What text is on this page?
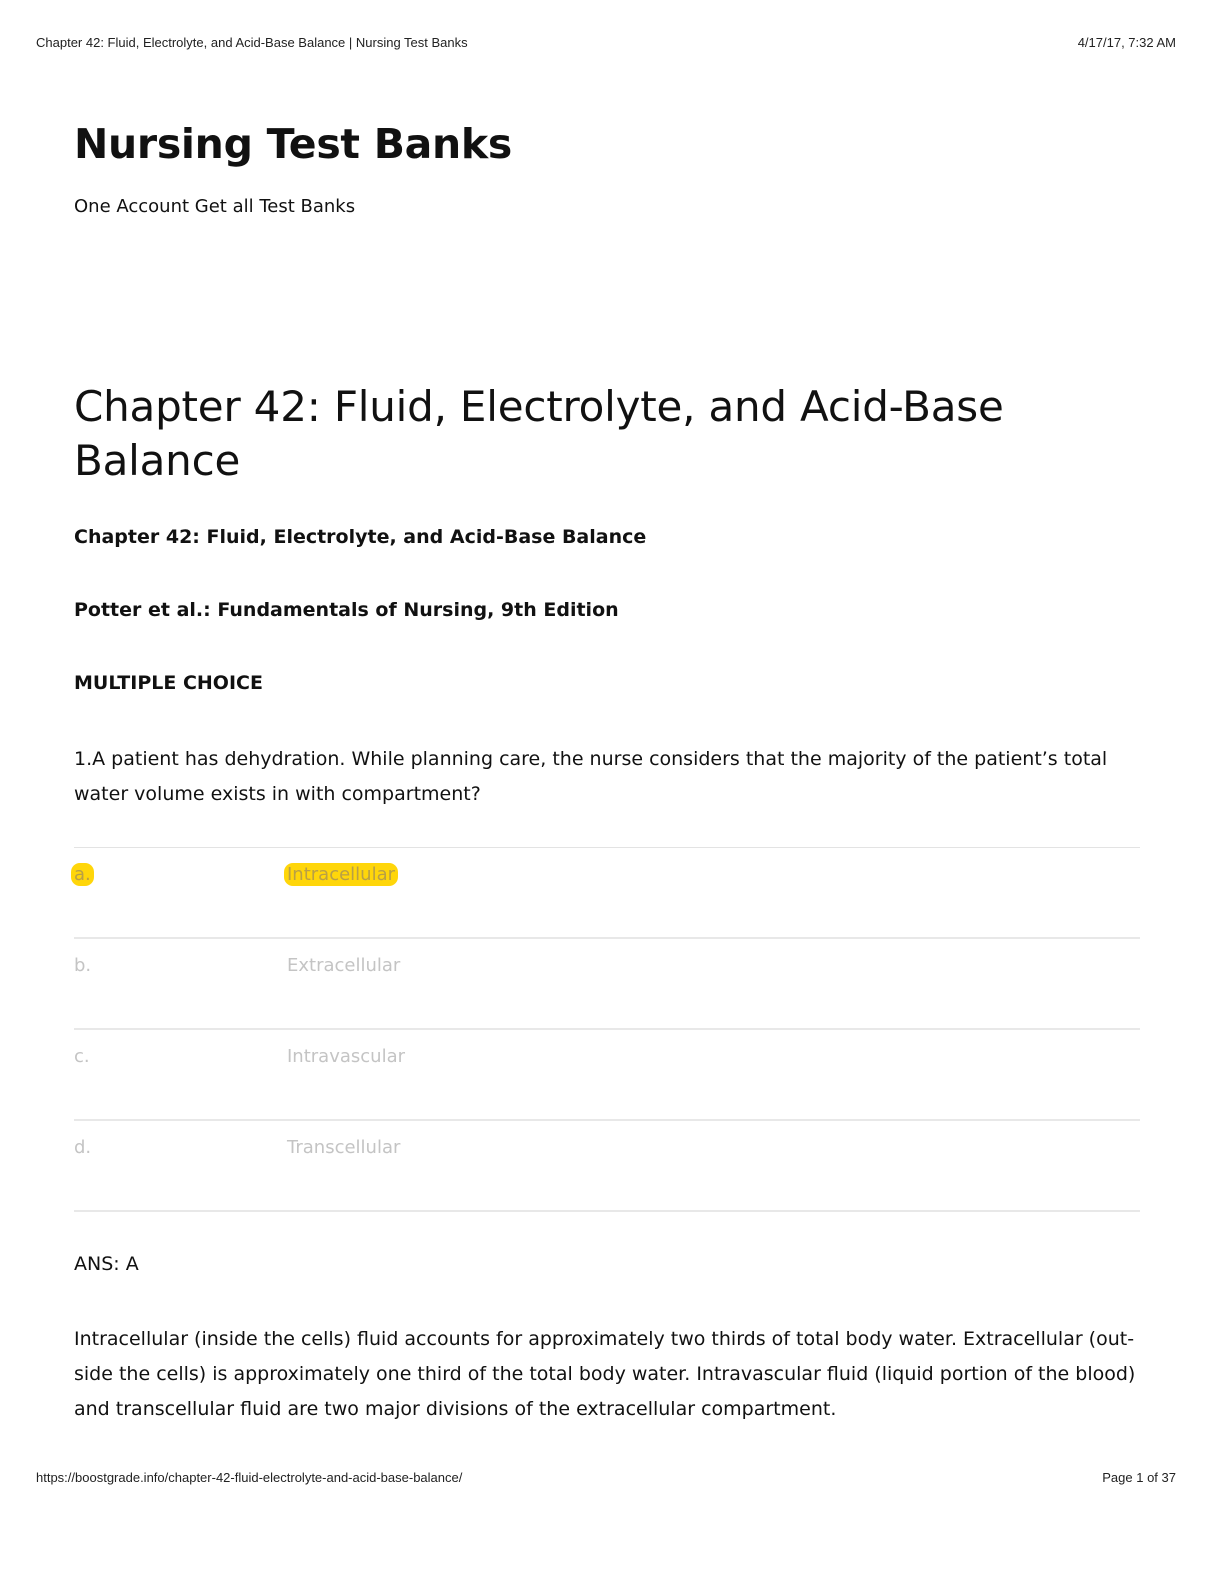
Chapter 42: Fluid, Electrolyte, and Acid-Base Balance | Nursing Test Banks	4/17/17, 7:32 AM
Nursing Test Banks

One Account Get all Test Banks

Chapter 42: Fluid, Electrolyte, and Acid-Base Balance

Chapter 42: Fluid, Electrolyte, and Acid-Base Balance

Potter et al.: Fundamentals of Nursing, 9th Edition

MULTIPLE CHOICE

1.A patient has dehydration. While planning care, the nurse considers that the majority of the patient’s total water volume exists in with compartment?

a.	Intracellular
b.	Extracellular
c.	Intravascular
d.	Transcellular

ANS: A

Intracellular (inside the cells) fluid accounts for approximately two thirds of total body water. Extracellular (out-side the cells) is approximately one third of the total body water. Intravascular fluid (liquid portion of the blood) and transcellular fluid are two major divisions of the extracellular compartment.

https://boostgrade.info/chapter-42-fluid-electrolyte-and-acid-base-balance/	Page 1 of 37
